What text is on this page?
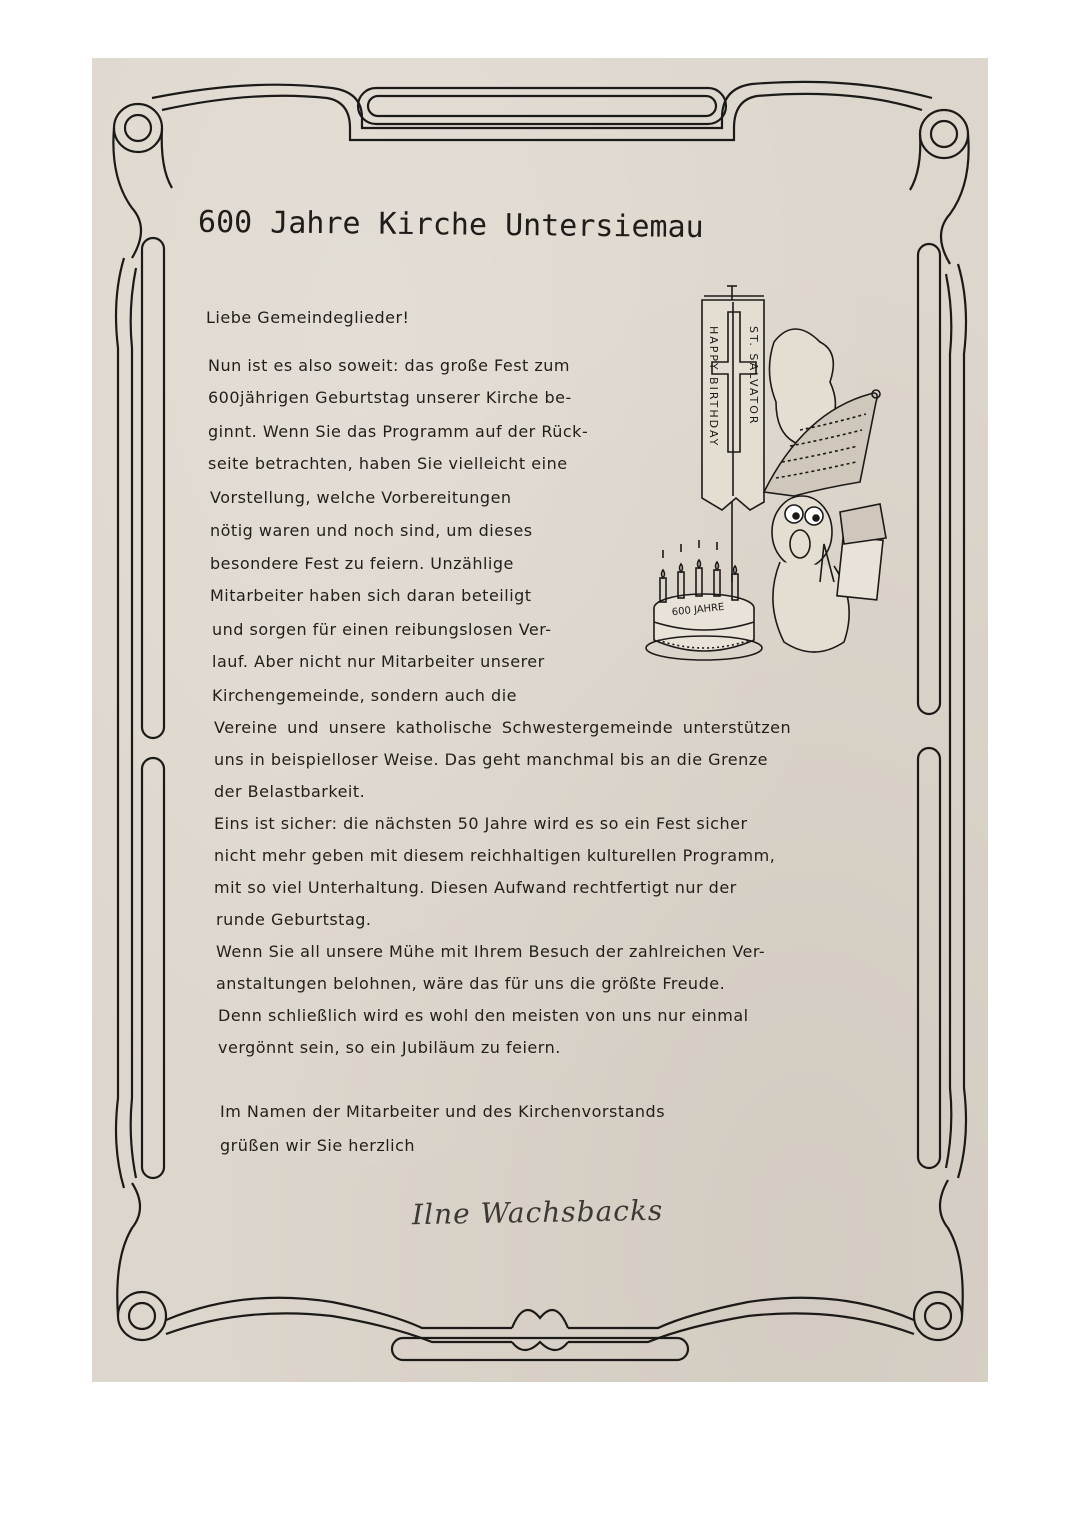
600 Jahre Kirche Untersiemau
Liebe Gemeindeglieder!
Nun ist es also soweit: das große Fest zum
600jährigen Geburtstag unserer Kirche be-
ginnt. Wenn Sie das Programm auf der Rück-
seite betrachten, haben Sie vielleicht eine
Vorstellung, welche Vorbereitungen
nötig waren und noch sind, um dieses
besondere Fest zu feiern. Unzählige
Mitarbeiter haben sich daran beteiligt
und sorgen für einen reibungslosen Ver-
lauf. Aber nicht nur Mitarbeiter unserer
Kirchengemeinde, sondern auch die
Vereine und unsere katholische Schwestergemeinde unterstützen
uns in beispielloser Weise. Das geht manchmal bis an die Grenze
der Belastbarkeit.
Eins ist sicher: die nächsten 50 Jahre wird es so ein Fest sicher
nicht mehr geben mit diesem reichhaltigen kulturellen Programm,
mit so viel Unterhaltung. Diesen Aufwand rechtfertigt nur der
runde Geburtstag.
Wenn Sie all unsere Mühe mit Ihrem Besuch der zahlreichen Ver-
anstaltungen belohnen, wäre das für uns die größte Freude.
Denn schließlich wird es wohl den meisten von uns nur einmal
vergönnt sein, so ein Jubiläum zu feiern.
Im Namen der Mitarbeiter und des Kirchenvorstands
grüßen wir Sie herzlich
Ilne Wachsbacks
HAPPY BIRTHDAY ST. SALVATOR
600 JAHRE
